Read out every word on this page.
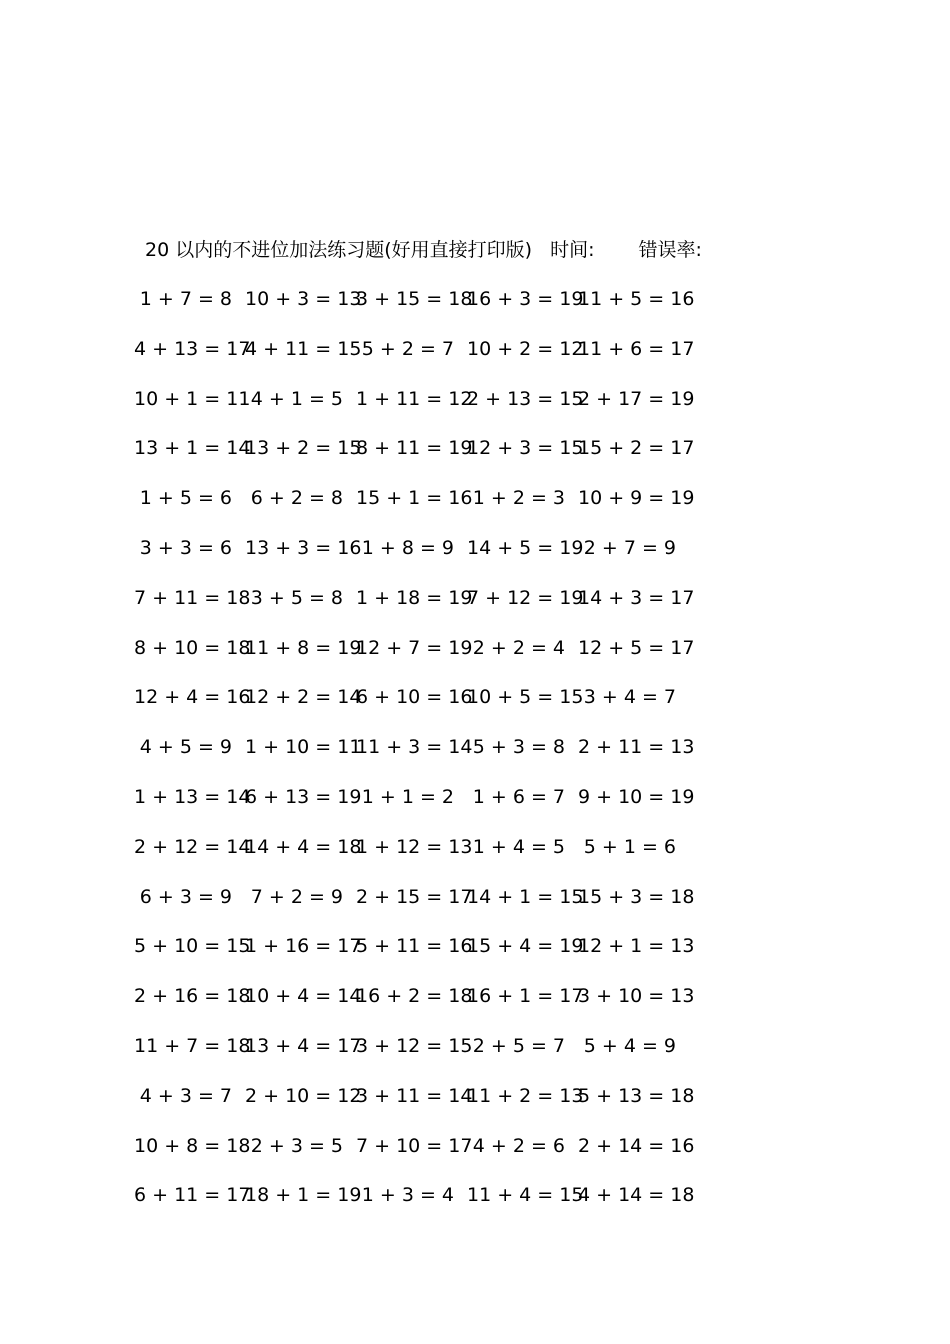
20 以内的不进位加法练习题(好用直接打印版) 时间: 错误率:
1 + 7 = 8 10 + 3 = 13
3 + 15 = 18
16 + 3 = 19
11 + 5 = 16
4 + 13 = 17
4 + 11 = 15 5 + 2 = 7 10 + 2 = 12
11 + 6 = 17
10 + 1 = 11 4 + 1 = 5 1 + 11 = 12
2 + 13 = 15
2 + 17 = 19
13 + 1 = 14
13 + 2 = 15
8 + 11 = 19
12 + 3 = 15
15 + 2 = 17
1 + 5 = 6 6 + 2 = 8 15 + 1 = 16 1 + 2 = 3 10 + 9 = 19
3 + 3 = 6 13 + 3 = 16 1 + 8 = 9 14 + 5 = 19 2 + 7 = 9
7 + 11 = 18 3 + 5 = 8 1 + 18 = 19
7 + 12 = 19
14 + 3 = 17
8 + 10 = 18
11 + 8 = 19
12 + 7 = 19 2 + 2 = 4 12 + 5 = 17
12 + 4 = 16
12 + 2 = 14
6 + 10 = 16
10 + 5 = 15 3 + 4 = 7
4 + 5 = 9 1 + 10 = 11
11 + 3 = 14 5 + 3 = 8 2 + 11 = 13
1 + 13 = 14
6 + 13 = 19 1 + 1 = 2 1 + 6 = 7 9 + 10 = 19
2 + 12 = 14
14 + 4 = 18
1 + 12 = 13 1 + 4 = 5 5 + 1 = 6
6 + 3 = 9 7 + 2 = 9 2 + 15 = 17
14 + 1 = 15
15 + 3 = 18
5 + 10 = 15
1 + 16 = 17
5 + 11 = 16
15 + 4 = 19
12 + 1 = 13
2 + 16 = 18
10 + 4 = 14
16 + 2 = 18
16 + 1 = 17
3 + 10 = 13
11 + 7 = 18
13 + 4 = 17
3 + 12 = 15 2 + 5 = 7 5 + 4 = 9
4 + 3 = 7 2 + 10 = 12
3 + 11 = 14
11 + 2 = 13
5 + 13 = 18
10 + 8 = 18 2 + 3 = 5 7 + 10 = 17 4 + 2 = 6 2 + 14 = 16
6 + 11 = 17
18 + 1 = 19 1 + 3 = 4 11 + 4 = 15
4 + 14 = 18
